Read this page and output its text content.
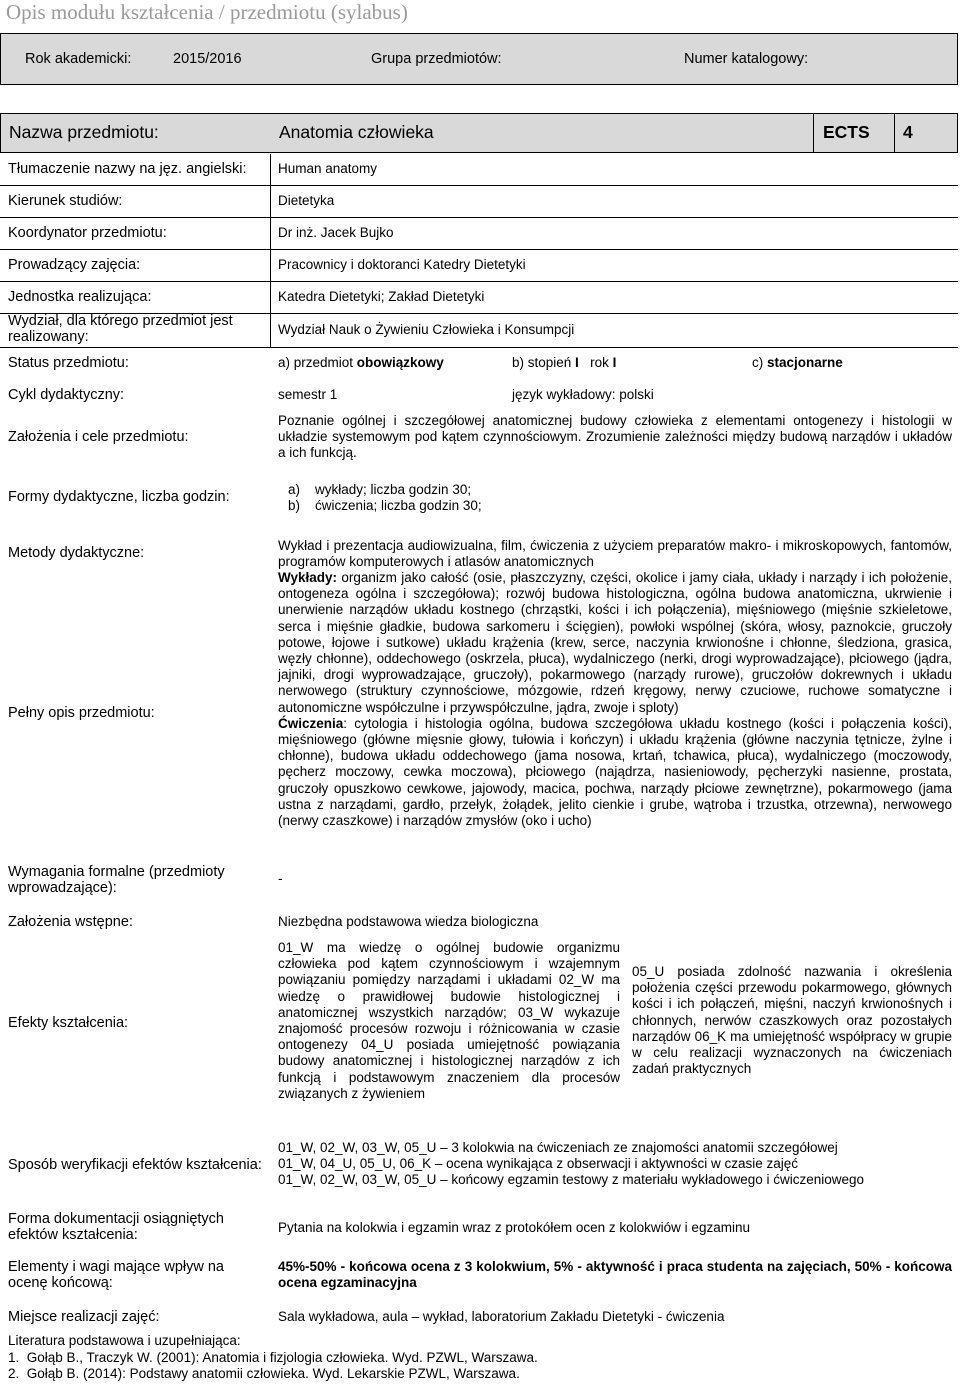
Opis modułu kształcenia / przedmiotu (sylabus)
Rok akademicki:	2015/2016	Grupa przedmiotów:	Numer katalogowy:
Nazwa przedmiotu:	Anatomia człowieka	ECTS 4
Tłumaczenie nazwy na jęz. angielski: Human anatomy
Kierunek studiów:	Dietetyka
Koordynator przedmiotu:	Dr inż. Jacek Bujko
Prowadzący zajęcia:	Pracownicy i doktoranci Katedry Dietetyki
Jednostka realizująca:	Katedra Dietetyki; Zakład Dietetyki
Wydział, dla którego przedmiot jest realizowany:	Wydział Nauk o Żywieniu Człowieka i Konsumpcji
Status przedmiotu:	a) przedmiot obowiązkowy	b) stopień I rok I	c) stacjonarne
Cykl dydaktyczny:	semestr 1	język wykładowy: polski
Założenia i cele przedmiotu:
Poznanie ogólnej i szczegółowej anatomicznej budowy człowieka z elementami ontogenezy i histologii w układzie systemowym pod kątem czynnościowym. Zrozumienie zależności między budową narządów i układów a ich funkcją.
Formy dydaktyczne, liczba godzin:	a)    wykłady; liczba godzin 30;
b)    ćwiczenia; liczba godzin 30;
Metody dydaktyczne:	Wykład i prezentacja audiowizualna, film, ćwiczenia z użyciem preparatów makro- i mikroskopowych, fantomów, programów komputerowych i atlasów anatomicznych
Pełny opis przedmiotu:
Wykłady: organizm jako całość (osie, płaszczyzny, części, okolice i jamy ciała, układy i narządy i ich położenie, ontogeneza ogólna i szczegółowa); rozwój budowa histologiczna, ogólna budowa anatomiczna, ukrwienie i unerwienie narządów układu kostnego (chrząstki, kości i ich połączenia), mięśniowego (mięśnie szkieletowe, serca i mięśnie gładkie, budowa sarkomeru i ścięgien), powłoki wspólnej (skóra, włosy, paznokcie, gruczoły potowe, łojowe i sutkowe) układu krążenia (krew, serce, naczynia krwionośne i chłonne, śledziona, grasica, węzły chłonne), oddechowego (oskrzela, płuca), wydalniczego (nerki, drogi wyprowadzające), płciowego (jądra, jajniki, drogi wyprowadzające, gruczoły), pokarmowego (narządy rurowe), gruczołów dokrewnych i układu nerwowego (struktury czynnościowe, mózgowie, rdzeń kręgowy, nerwy czuciowe, ruchowe somatyczne i autonomiczne współczulne i przywspółczulne, jądra, zwoje i sploty)
Ćwiczenia: cytologia i histologia ogólna, budowa szczegółowa układu kostnego (kości i połączenia kości), mięśniowego (główne mięsnie głowy, tułowia i kończyn) i układu krążenia (główne naczynia tętnicze, żylne i chłonne), budowa układu oddechowego (jama nosowa, krtań, tchawica, płuca), wydalniczego (moczowody, pęcherz moczowy, cewka moczowa), płciowego (najądrza, nasieniowody, pęcherzyki nasienne, prostata, gruczoły opuszkowo cewkowe, jajowody, macica, pochwa, narządy płciowe zewnętrzne), pokarmowego (jama ustna z narządami, gardło, przełyk, żołądek, jelito cienkie i grube, wątroba i trzustka, otrzewna), nerwowego (nerwy czaszkowe) i narządów zmysłów (oko i ucho)
Wymagania formalne (przedmioty wprowadzające):
-
Założenia wstępne:	Niezbędna podstawowa wiedza biologiczna
Efekty kształcenia:
01_W ma wiedzę o ogólnej budowie organizmu człowieka pod kątem czynnościowym i wzajemnym powiązaniu pomiędzy narządami i układami 02_W ma wiedzę o prawidłowej budowie histologicznej i anatomicznej wszystkich narządów; 03_W wykazuje znajomość procesów rozwoju i różnicowania w czasie ontogenezy 04_U posiada umiejętność powiązania budowy anatomicznej i histologicznej narządów z ich funkcją i podstawowym znaczeniem dla procesów związanych z żywieniem
05_U posiada zdolność nazwania i określenia położenia części przewodu pokarmowego, głównych kości i ich połączeń, mięśni, naczyń krwionośnych i chłonnych, nerwów czaszkowych oraz pozostałych narządów 06_K ma umiejętność współpracy w grupie w celu realizacji wyznaczonych na ćwiczeniach zadań praktycznych
Sposób weryfikacji efektów kształcenia:
01_W, 02_W, 03_W, 05_U – 3 kolokwia na ćwiczeniach ze znajomości anatomii szczegółowej
01_W, 04_U, 05_U, 06_K – ocena wynikająca z obserwacji i aktywności w czasie zajęć
01_W, 02_W, 03_W, 05_U – końcowy egzamin testowy z materiału wykładowego i ćwiczeniowego
Forma dokumentacji osiągniętych efektów kształcenia:	Pytania na kolokwia i egzamin wraz z protokółem ocen z kolokwiów i egzaminu
Elementy i wagi mające wpływ na ocenę końcową:
45%-50% - końcowa ocena z 3 kolokwium, 5% - aktywność i praca studenta na zajęciach, 50% - końcowa ocena egzaminacyjna
Miejsce realizacji zajęć:	Sala wykładowa, aula – wykład, laboratorium Zakładu Dietetyki - ćwiczenia
Literatura podstawowa i uzupełniająca:
1.  Gołąb B., Traczyk W. (2001): Anatomia i fizjologia człowieka. Wyd. PZWL, Warszawa.
2.  Gołąb B. (2014): Podstawy anatomii człowieka. Wyd. Lekarskie PZWL, Warszawa.
